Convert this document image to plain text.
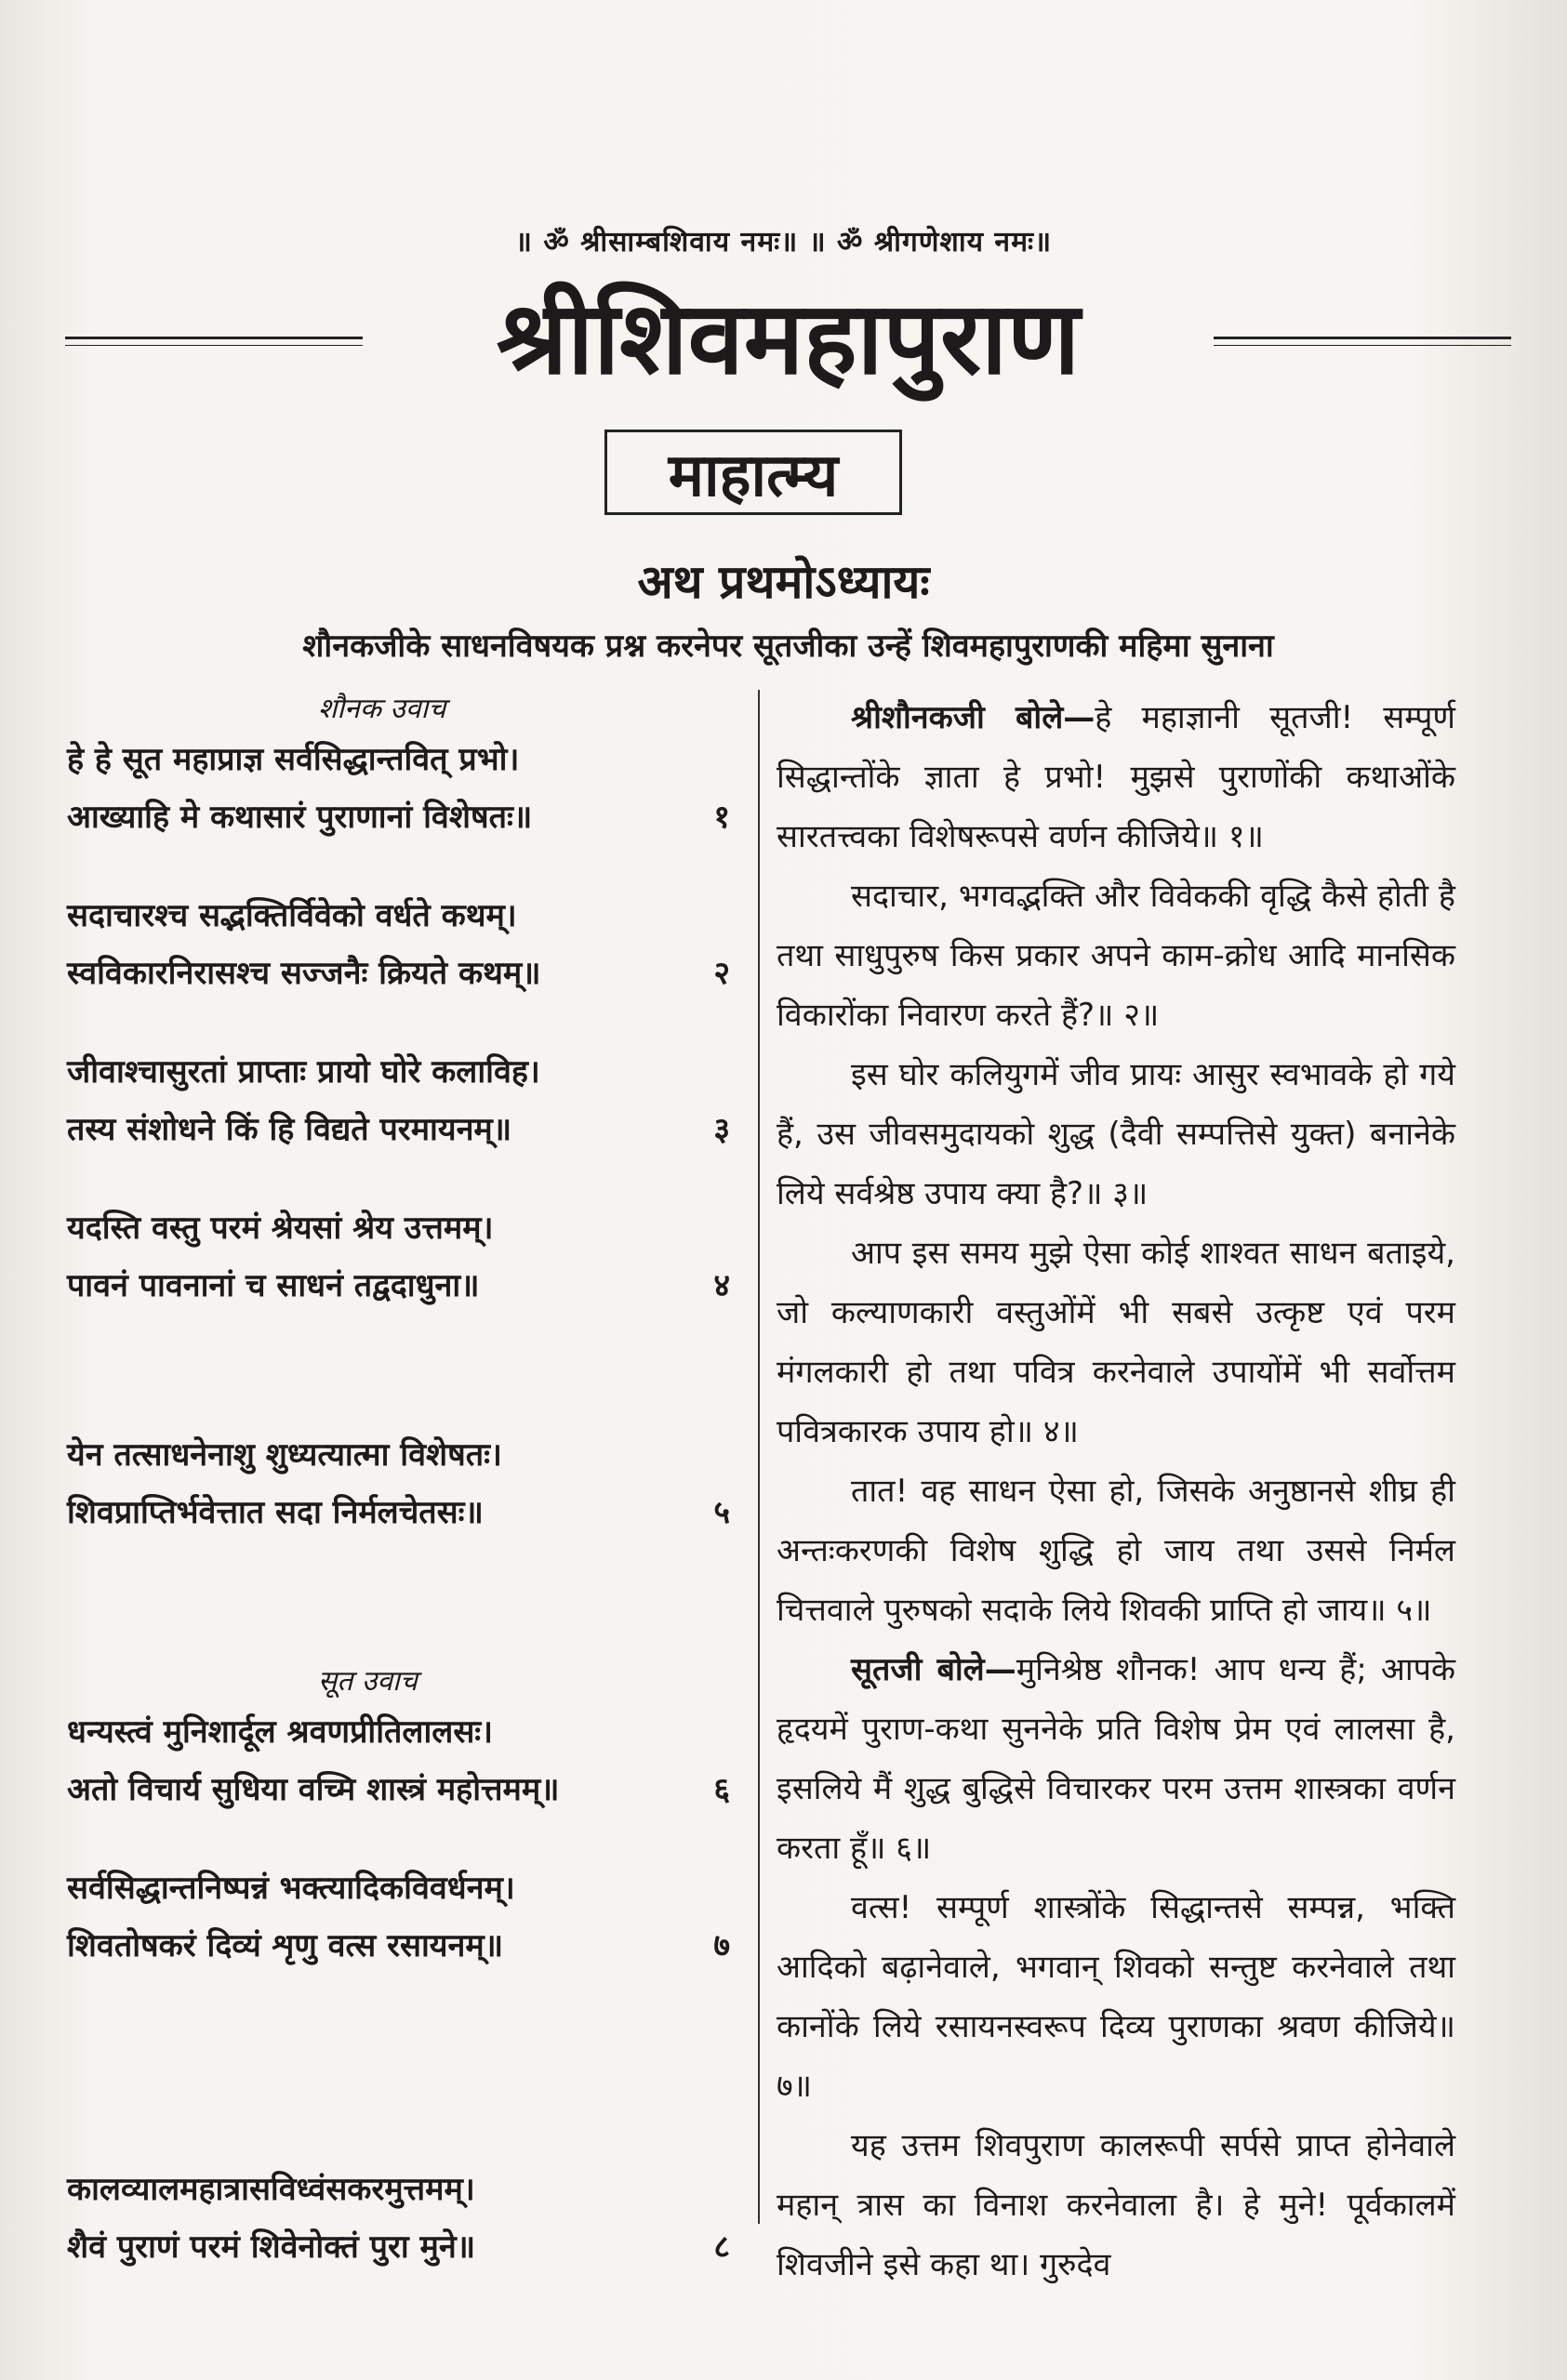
॥ ॐ श्रीसाम्बशिवाय नमः॥ ॥ ॐ श्रीगणेशाय नमः॥
श्रीशिवमहापुराण
माहात्म्य
अथ प्रथमोऽध्यायः
शौनकजीके साधनविषयक प्रश्न करनेपर सूतजीका उन्हें शिवमहापुराणकी महिमा सुनाना
शौनक उवाच
हे हे सूत महाप्राज्ञ सर्वसिद्धान्तवित् प्रभो।
आख्याहि मे कथासारं पुराणानां विशेषतः॥	१
सदाचारश्च सद्भक्तिर्विवेको वर्धते कथम्।
स्वविकारनिरासश्च सज्जनैः क्रियते कथम्॥	२
जीवाश्चासुरतां प्राप्ताः प्रायो घोरे कलाविह।
तस्य संशोधने किं हि विद्यते परमायनम्॥	३
यदस्ति वस्तु परमं श्रेयसां श्रेय उत्तमम्।
पावनं पावनानां च साधनं तद्वदाधुना॥	४
येन तत्साधनेनाशु शुध्यत्यात्मा विशेषतः।
शिवप्राप्तिर्भवेत्तात सदा निर्मलचेतसः॥	५
सूत उवाच
धन्यस्त्वं मुनिशार्दूल श्रवणप्रीतिलालसः।
अतो विचार्य सुधिया वच्मि शास्त्रं महोत्तमम्॥	६
सर्वसिद्धान्तनिष्पन्नं भक्त्यादिकविवर्धनम्।
शिवतोषकरं दिव्यं शृणु वत्स रसायनम्॥	७
कालव्यालमहात्रासविध्वंसकरमुत्तमम्।
शैवं पुराणं परमं शिवेनोक्तं पुरा मुने॥	८

श्रीशौनकजी बोले—हे महाज्ञानी सूतजी! सम्पूर्ण सिद्धान्तोंके ज्ञाता हे प्रभो! मुझसे पुराणोंकी कथाओंके सारतत्त्वका विशेषरूपसे वर्णन कीजिये॥ १॥

सदाचार, भगवद्भक्ति और विवेककी वृद्धि कैसे होती है तथा साधुपुरुष किस प्रकार अपने काम-क्रोध आदि मानसिक विकारोंका निवारण करते हैं?॥ २॥

इस घोर कलियुगमें जीव प्रायः आसुर स्वभावके हो गये हैं, उस जीवसमुदायको शुद्ध (दैवी सम्पत्तिसे युक्त) बनानेके लिये सर्वश्रेष्ठ उपाय क्या है?॥ ३॥

आप इस समय मुझे ऐसा कोई शाश्वत साधन बताइये, जो कल्याणकारी वस्तुओंमें भी सबसे उत्कृष्ट एवं परम मंगलकारी हो तथा पवित्र करनेवाले उपायोंमें भी सर्वोत्तम पवित्रकारक उपाय हो॥ ४॥

तात! वह साधन ऐसा हो, जिसके अनुष्ठानसे शीघ्र ही अन्तःकरणकी विशेष शुद्धि हो जाय तथा उससे निर्मल चित्तवाले पुरुषको सदाके लिये शिवकी प्राप्ति हो जाय॥ ५॥

सूतजी बोले—मुनिश्रेष्ठ शौनक! आप धन्य हैं; आपके हृदयमें पुराण-कथा सुननेके प्रति विशेष प्रेम एवं लालसा है, इसलिये मैं शुद्ध बुद्धिसे विचारकर परम उत्तम शास्त्रका वर्णन करता हूँ॥ ६॥

वत्स! सम्पूर्ण शास्त्रोंके सिद्धान्तसे सम्पन्न, भक्ति आदिको बढ़ानेवाले, भगवान् शिवको सन्तुष्ट करनेवाले तथा कानोंके लिये रसायनस्वरूप दिव्य पुराणका श्रवण कीजिये॥ ७॥

यह उत्तम शिवपुराण कालरूपी सर्पसे प्राप्त होनेवाले महान् त्रास का विनाश करनेवाला है। हे मुने! पूर्वकालमें शिवजीने इसे कहा था। गुरुदेव
